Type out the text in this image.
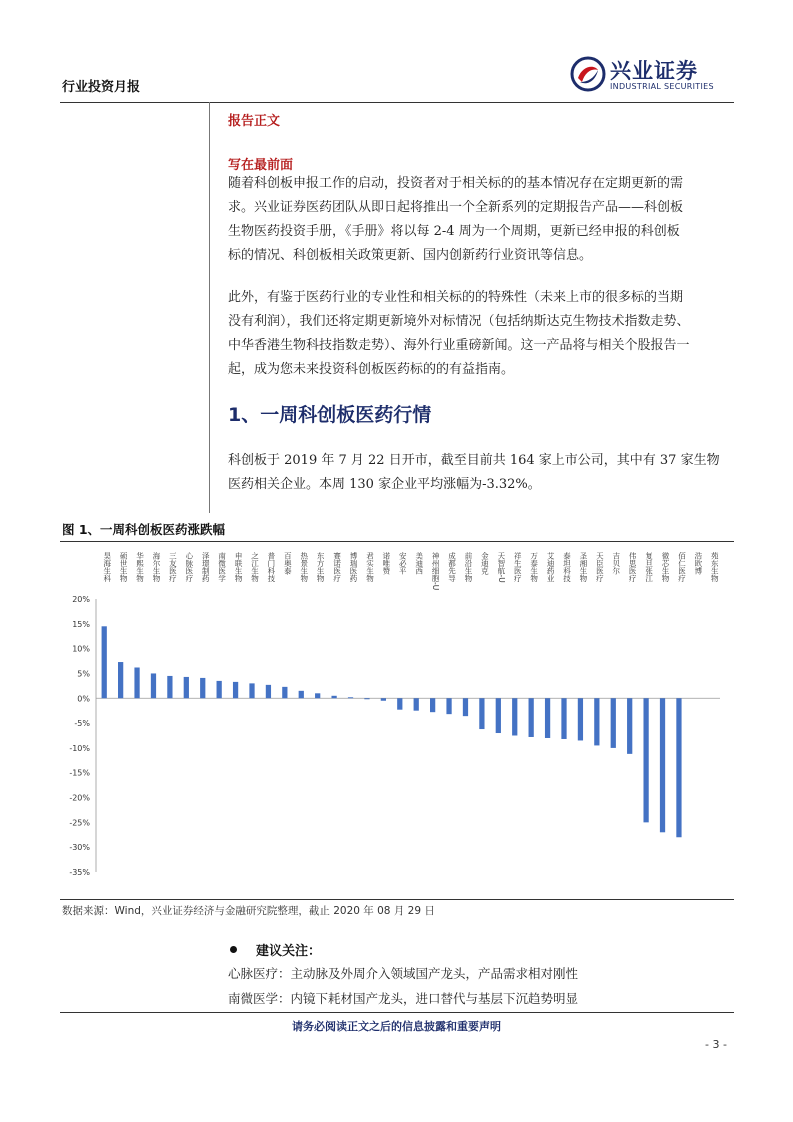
行业投资月报
兴业证券
INDUSTRIAL SECURITIES
报告正文
写在最前面
随着科创板申报工作的启动，投资者对于相关标的的基本情况存在定期更新的需
求。兴业证券医药团队从即日起将推出一个全新系列的定期报告产品——科创板
生物医药投资手册，《手册》将以每 2-4 周为一个周期，更新已经申报的科创板
标的情况、科创板相关政策更新、国内创新药行业资讯等信息。
此外，有鉴于医药行业的专业性和相关标的的特殊性（未来上市的很多标的当期
没有利润），我们还将定期更新境外对标情况（包括纳斯达克生物技术指数走势、
中华香港生物科技指数走势）、海外行业重磅新闻。这一产品将与相关个股报告一
起，成为您未来投资科创板医药标的的有益指南。
1、一周科创板医药行情
科创板于 2019 年 7 月 22 日开市，截至目前共 164 家上市公司，其中有 37 家生物
医药相关企业。本周 130 家企业平均涨幅为-3.32%。
图 1、一周科创板医药涨跌幅
20%
15%
10%
5%
0%
-5%
-10%
-15%
-20%
-25%
-30%
-35%
昊海生科 硕世生物 华熙生物 海尔生物 三友医疗 心脉医疗 泽璟制药 南微医学 申联生物 之江生物 普门科技 百奥泰 热景生物 东方生物 赛诺医疗 博瑞医药 君实生物 诺唯赞 安必平 美迪西 神州细胞-U 成都先导 前沿生物 金迪克 天智航-U 祥生医疗 万泰生物 艾迪药业 泰坦科技 圣湘生物 天臣医疗 吉贝尔 伟思医疗 复旦张江 微芯生物 佰仁医疗 浩欧博 苑东生物
数据来源：Wind，兴业证券经济与金融研究院整理，截止 2020 年 08 月 29 日
建议关注：
心脉医疗：主动脉及外周介入领域国产龙头，产品需求相对刚性
南微医学：内镜下耗材国产龙头，进口替代与基层下沉趋势明显
请务必阅读正文之后的信息披露和重要声明
- 3 -
